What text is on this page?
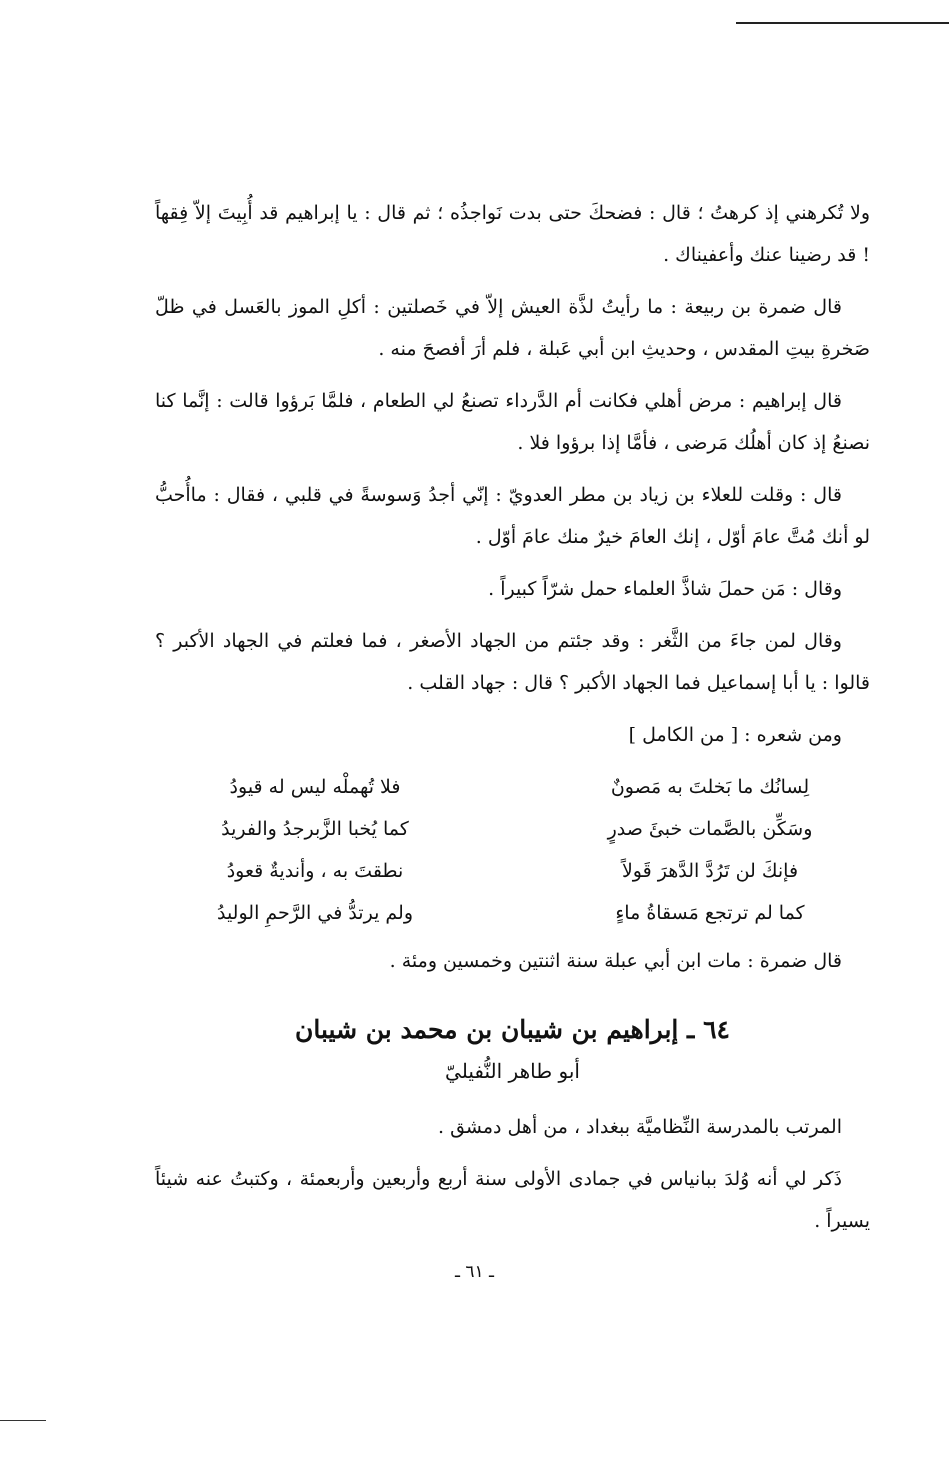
ولا تُكرهني إذ كرهتُ ؛ قال : فضحكَ حتى بدت نَواجذُه ؛ ثم قال : يا إبراهيم قد أُبِيتَ إلاّ فِقهاً ! قد رضينا عنك وأعفيناك .

قال ضمرة بن ربيعة : ما رأيتُ لذَّة العيش إلاّ في خَصلتين : أكلِ الموز بالعَسل في ظلّ صَخرةِ بيتِ المقدس ، وحديثِ ابن أبي عَبلة ، فلم أرَ أفصحَ منه .

قال إبراهيم : مرض أهلي فكانت أم الدَّرداء تصنعُ لي الطعام ، فلمَّا بَرؤوا قالت : إنَّما كنا نصنعُ إذ كان أهلُك مَرضى ، فأمَّا إذا برؤوا فلا .

قال : وقلت للعلاء بن زياد بن مطر العدويّ : إنّي أجدُ وَسوسةً في قلبي ، فقال : ماأُحبُّ لو أنك مُتَّ عامَ أوّل ، إنك العامَ خيرٌ منك عامَ أوّل .

وقال : مَن حملَ شاذَّ العلماء حمل شرّاً كبيراً .

وقال لمن جاءَ من الثَّغر : وقد جئتم من الجهاد الأصغر ، فما فعلتم في الجهاد الأكبر ؟ قالوا : يا أبا إسماعيل فما الجهاد الأكبر ؟ قال : جهاد القلب .

ومن شعره : [ من الكامل ]

لِسانُك ما بَخلتَ به مَصونٌ
فلا تُهملْه ليس له قيودُ
وسَكِّن بالصَّمات خبئَ صدرٍ
كما يُخبا الزَّبرجدُ والفريدُ
فإنكَ لن تَرُدَّ الدَّهرَ قَولاً
نطقتَ به ، وأنديةٌ قعودُ
كما لم ترتجع مَسقاةُ ماءٍ
ولم يرتدُّ في الرَّحمِ الوليدُ

قال ضمرة : مات ابن أبي عبلة سنة اثنتين وخمسين ومئة .

٦٤ ـ إبراهيم بن شيبان بن محمد بن شيبان
أبو طاهر النُّفيليّ

المرتب بالمدرسة النِّظاميَّة ببغداد ، من أهل دمشق .

ذَكر لي أنه وُلدَ ببانياس في جمادى الأولى سنة أربع وأربعين وأربعمئة ، وكتبتُ عنه شيئاً يسيراً .

ـ ٦١ ـ
